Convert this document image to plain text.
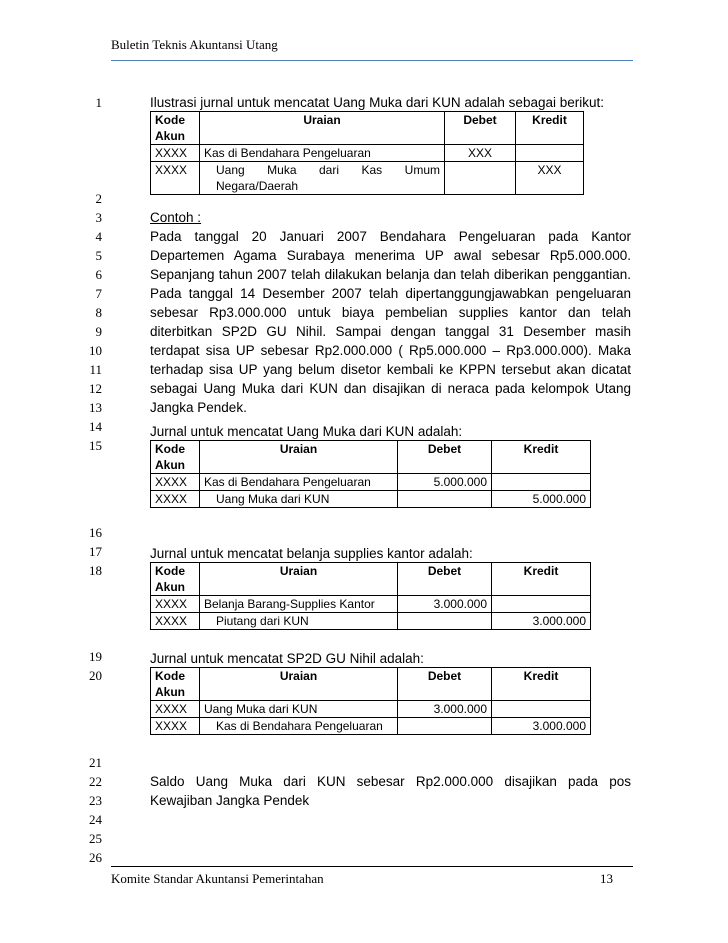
Buletin Teknis Akuntansi Utang
1
2
3
4
5
6
7
8
9
10
11
12
13
14
15
16
17
18
19
20
21
22
23
24
25
26
Ilustrasi jurnal untuk mencatat Uang Muka dari KUN adalah sebagai berikut:
Kode
Akun	Uraian	Debet	Kredit
XXXX	Kas di Bendahara Pengeluaran	XXX	
XXXX	Uang Muka dari Kas Umum
Negara/Daerah		XXX
Contoh :
Pada tanggal 20 Januari 2007 Bendahara Pengeluaran pada Kantor
Departemen Agama Surabaya menerima UP awal sebesar Rp5.000.000.
Sepanjang tahun 2007 telah dilakukan belanja dan telah diberikan penggantian.
Pada tanggal 14 Desember 2007 telah dipertanggungjawabkan pengeluaran
sebesar Rp3.000.000 untuk biaya pembelian supplies kantor dan telah
diterbitkan SP2D GU Nihil. Sampai dengan tanggal 31 Desember masih
terdapat sisa UP sebesar Rp2.000.000 ( Rp5.000.000 – Rp3.000.000). Maka
terhadap sisa UP yang belum disetor kembali ke KPPN tersebut akan dicatat
sebagai Uang Muka dari KUN dan disajikan di neraca pada kelompok Utang
Jangka Pendek.
Jurnal untuk mencatat Uang Muka dari KUN adalah:
Kode
Akun	Uraian	Debet	Kredit
XXXX	Kas di Bendahara Pengeluaran	5.000.000	
XXXX	Uang Muka dari KUN		5.000.000
Jurnal untuk mencatat belanja supplies kantor adalah:
Kode
Akun	Uraian	Debet	Kredit
XXXX	Belanja Barang-Supplies Kantor	3.000.000	
XXXX	Piutang dari KUN		3.000.000
Jurnal untuk mencatat SP2D GU Nihil adalah:
Kode
Akun	Uraian	Debet	Kredit
XXXX	Uang Muka dari KUN	3.000.000	
XXXX	Kas di Bendahara Pengeluaran		3.000.000
Saldo Uang Muka dari KUN sebesar Rp2.000.000 disajikan pada pos
Kewajiban Jangka Pendek
Komite Standar Akuntansi Pemerintahan	13
